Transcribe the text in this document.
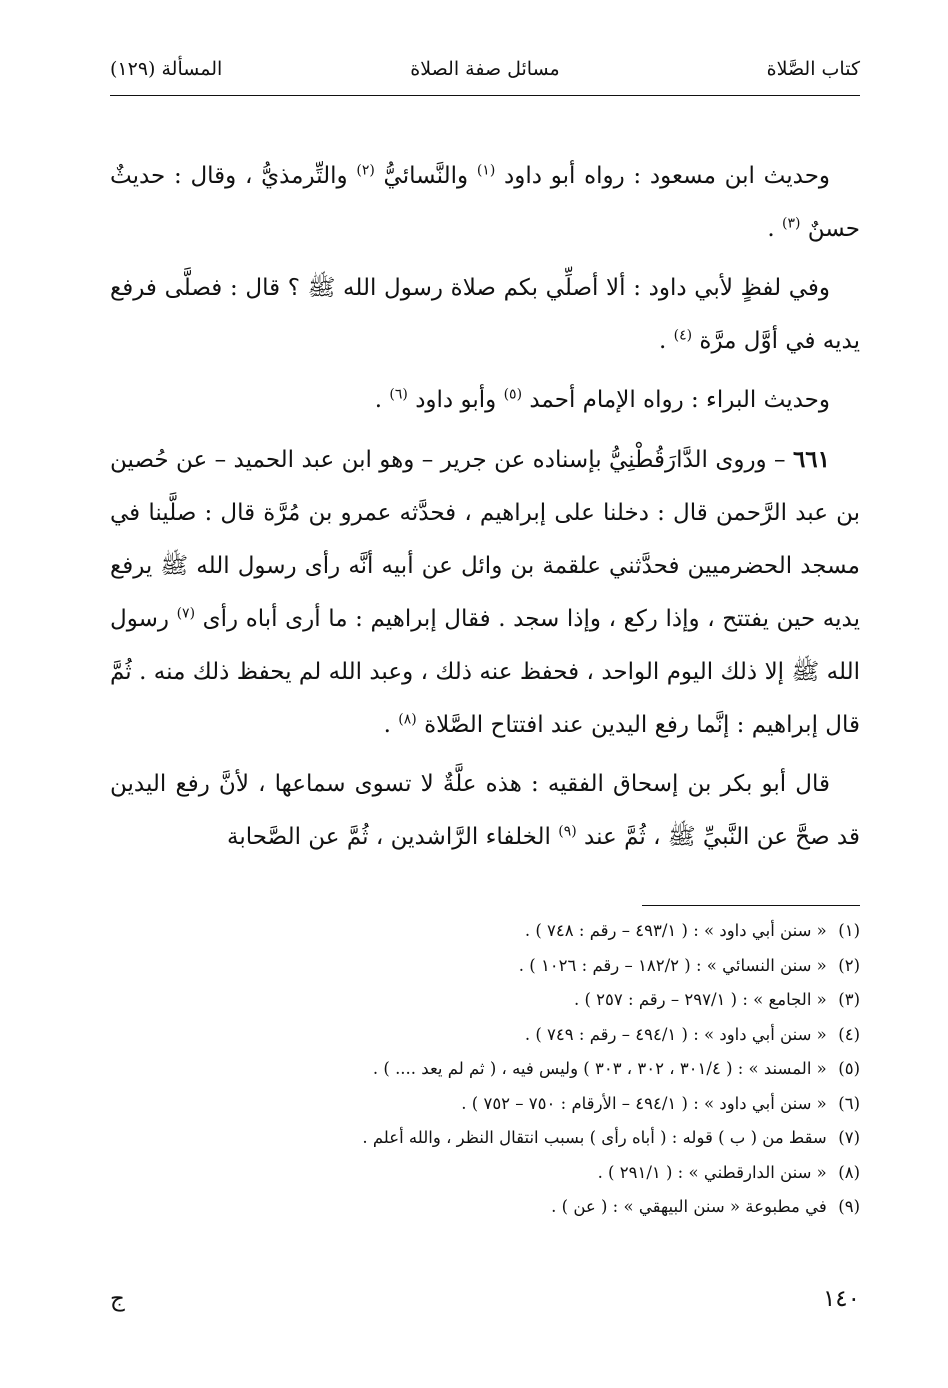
كتاب الصَّلاة
مسائل صفة الصلاة
المسألة (١٢٩)

وحديث ابن مسعود : رواه أبو داود $^{(١)}$ والنَّسائيُّ $^{(٢)}$ والتِّرمذيُّ ، وقال : حديثٌ حسنٌ $^{(٣)}$ .

وفي لفظٍ لأبي داود : ألا أصلِّي بكم صلاة رسول الله ﷺ ؟ قال : فصلَّى فرفع يديه في أوَّل مرَّة $^{(٤)}$ .

وحديث البراء : رواه الإمام أحمد $^{(٥)}$ وأبو داود $^{(٦)}$ .

٦٦١ – وروى الدَّارَقُطْنِيُّ بإسناده عن جرير – وهو ابن عبد الحميد – عن حُصين بن عبد الرَّحمن قال : دخلنا على إبراهيم ، فحدَّثه عمرو بن مُرَّة قال : صلَّينا في مسجد الحضرميين فحدَّثني علقمة بن وائل عن أبيه أنَّه رأى رسول الله ﷺ يرفع يديه حين يفتتح ، وإذا ركع ، وإذا سجد . فقال إبراهيم : ما أرى أباه رأى $^{(٧)}$ رسول الله ﷺ إلا ذلك اليوم الواحد ، فحفظ عنه ذلك ، وعبد الله لم يحفظ ذلك منه . ثُمَّ قال إبراهيم : إنَّما رفع اليدين عند افتتاح الصَّلاة $^{(٨)}$ .

قال أبو بكر بن إسحاق الفقيه : هذه علَّةٌ لا تسوى سماعها ، لأنَّ رفع اليدين قد صحَّ عن النَّبيِّ ﷺ ، ثُمَّ عند $^{(٩)}$ الخلفاء الرَّاشدين ، ثُمَّ عن الصَّحابة

(١) « سنن أبي داود » : ( ٤٩٣/١ – رقم : ٧٤٨ ) .
(٢) « سنن النسائي » : ( ١٨٢/٢ – رقم : ١٠٢٦ ) .
(٣) « الجامع » : ( ٢٩٧/١ – رقم : ٢٥٧ ) .
(٤) « سنن أبي داود » : ( ٤٩٤/١ – رقم : ٧٤٩ ) .
(٥) « المسند » : ( ٣٠١/٤ ، ٣٠٢ ، ٣٠٣ ) وليس فيه ، ( ثم لم يعد .... ) .
(٦) « سنن أبي داود » : ( ٤٩٤/١ – الأرقام : ٧٥٠ – ٧٥٢ ) .
(٧) سقط من ( ب ) قوله : ( أباه رأى ) بسبب انتقال النظر ، والله أعلم .
(٨) « سنن الدارقطني » : ( ٢٩١/١ ) .
(٩) في مطبوعة « سنن البيهقي » : ( عن ) .
١٤٠
ج
